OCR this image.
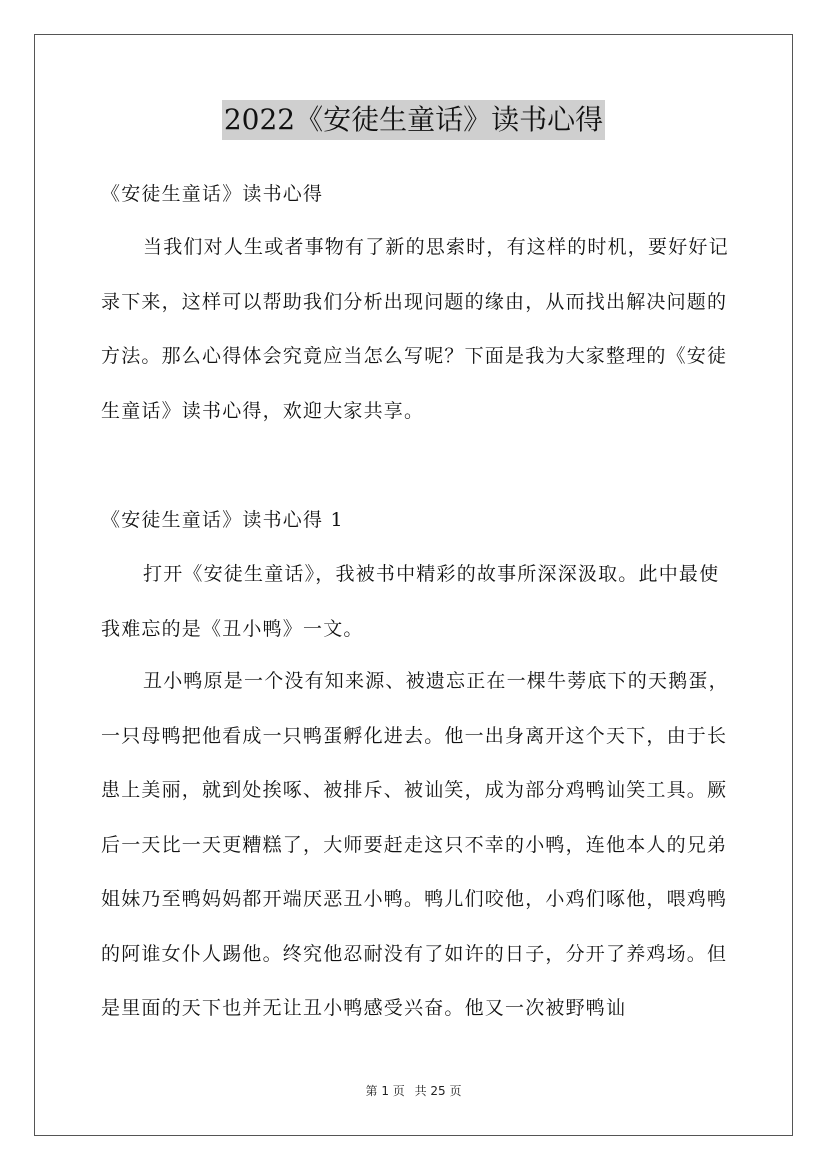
2022《安徒生童话》读书心得
《安徒生童话》读书心得

当我们对人生或者事物有了新的思索时，有这样的时机，要好好记录下来，这样可以帮助我们分析出现问题的缘由，从而找出解决问题的方法。那么心得体会究竟应当怎么写呢？下面是我为大家整理的《安徒生童话》读书心得，欢迎大家共享。

《安徒生童话》读书心得 1

打开《安徒生童话》，我被书中精彩的故事所深深汲取。此中最使我难忘的是《丑小鸭》一文。

丑小鸭原是一个没有知来源、被遗忘正在一棵牛蒡底下的天鹅蛋，一只母鸭把他看成一只鸭蛋孵化进去。他一出身离开这个天下，由于长患上美丽，就到处挨啄、被排斥、被讪笑，成为部分鸡鸭讪笑工具。厥后一天比一天更糟糕了，大师要赶走这只不幸的小鸭，连他本人的兄弟姐妹乃至鸭妈妈都开端厌恶丑小鸭。鸭儿们咬他，小鸡们啄他，喂鸡鸭的阿谁女仆人踢他。终究他忍耐没有了如许的日子，分开了养鸡场。但是里面的天下也并无让丑小鸭感受兴奋。他又一次被野鸭讪

第 1 页 共 25 页
